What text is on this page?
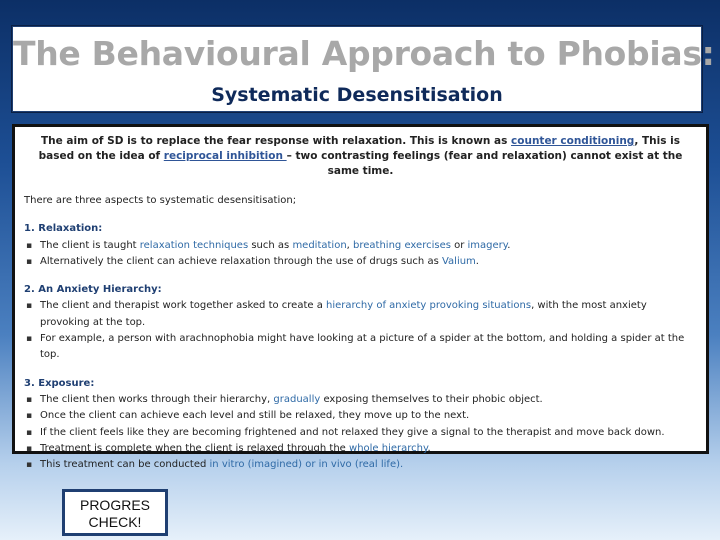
The Behavioural Approach to Phobias:
Systematic Desensitisation
The aim of SD is to replace the fear response with relaxation. This is known as counter conditioning, This is based on the idea of reciprocal inhibition – two contrasting feelings (fear and relaxation) cannot exist at the same time.

There are three aspects to systematic desensitisation;

1. Relaxation:
▪ The client is taught relaxation techniques such as meditation, breathing exercises or imagery.
▪ Alternatively the client can achieve relaxation through the use of drugs such as Valium.
2. An Anxiety Hierarchy:
▪ The client and therapist work together asked to create a hierarchy of anxiety provoking situations, with the most anxiety provoking at the top.
▪ For example, a person with arachnophobia might have looking at a picture of a spider at the bottom, and holding a spider at the top.
3. Exposure:
▪ The client then works through their hierarchy, gradually exposing themselves to their phobic object.
▪ Once the client can achieve each level and still be relaxed, they move up to the next.
▪ If the client feels like they are becoming frightened and not relaxed they give a signal to the therapist and move back down.
▪ Treatment is complete when the client is relaxed through the whole hierarchy.
▪ This treatment can be conducted in vitro (imagined) or in vivo (real life).
PROGRES
CHECK!
